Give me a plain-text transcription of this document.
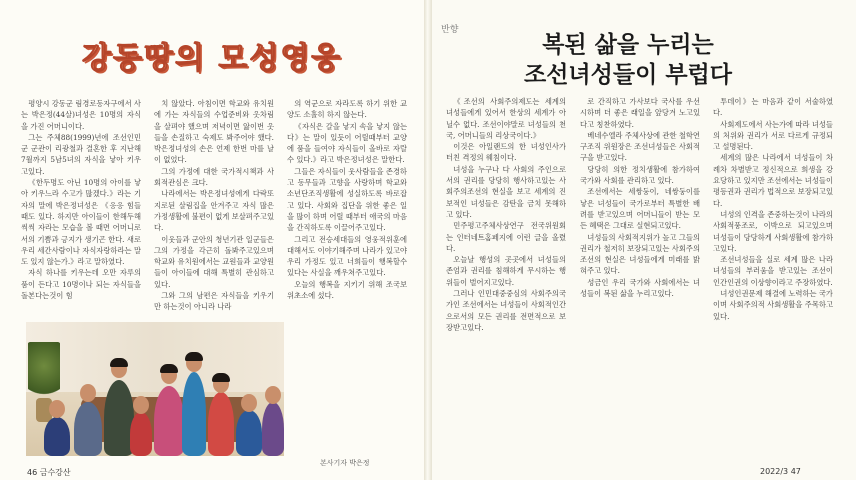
강동땅의 모성영웅

평양시 강동군 림경로동자구에서 사는 박은정(44살)녀성은 10명의 자식을 가진 어머니이다.

그는 주체88(1999)년에 조선인민군 군관이 리광철과 결혼한 후 지난해 7월까지 5남5녀의 자식을 낳아 키우고있다.

《한두명도 아닌 10명의 아이를 낳아 키우느라 수고가 많겠다.》라는 기자의 말에 박은정녀성은 《응응 힘들 때도 있다. 하지만 아이들이 한해두해 씩씩 자라는 모습을 볼 때면 어머니로서의 기쁨과 긍지가 생기곤 한다. 새로우리 세간사람이나 자식자랑하라는 말도 있지 않는가.》라고 말하였다.

자식 하나를 키우는데 오만 자루의 품이 든다고 10명이나 되는 자식들을 돌본다는것이 힘

치 않았다. 아침이면 학교와 유치원에 가는 자식들의 수업준비와 옷차림을 살펴야 했으며 저녁이면 앓이번 옷들을 손질하고 숙제도 봐주어야 했다. 박은정녀성의 손은 언제 한번 마를 날이 없었다.

그의 가정에 대한 국가적시책과 사회적관심은 크다.

나라에서는 박은정녀성에게 다락또지로된 살림집을 안겨주고 자식 많은 가정생활에 불편이 없게 보살펴주고있다.

이웃들과 군안의 청년기관 일군들은 그의 가정을 각근히 돌봐주고있으며 학교와 유치원에서는 교원들과 교양원들이 아이들에 대해 특별히 관심하고있다.

그와 그의 남편은 자식들을 키우기만 하는것이 아니라 나라

의 역군으로 자라도록 하기 위한 교양도 소홀히 하지 않는다.

《자식은 갈을 낳지 속을 낳지 않는다》는 말이 있듯이 어릴때부터 교양에 품을 들여야 자식들이 올바로 자랄수 있다.》라고 박은정녀성은 말한다.

그들은 자식들이 웃사람들을 존경하고 동무들과 고향을 사랑하며 학교와 소년단조직생활에 성실하도록 바로잡고 있다. 사회와 집단을 위한 좋은 일을 많이 하며 어릴 때부터 애국의 마음을 간직하도록 이끌어주고있다.

그리고 전승세대들의 영웅적위훈에 대해서도 이야기해주며 나라가 있고야 우리 가정도 있고 너희들이 행복할수 있다는 사실을 깨우쳐주고있다.

오늘의 행복을 지키기 위해 조국보위초소에 섰다.

본사기자 박은정
46 금수강산
반향
복된 삶을 누리는
조선녀성들이 부럽다

《조선의 사회주의제도는 세계의 녀성들에게 있어서 한상의 세계가 아닐수 없다. 조선이야말로 녀성들의 천국, 어머니들의 리상국이다.》

이것은 아일랜드의 한 녀성인사가 터친 격정의 웨침이다.

녀성을 누구나 다 사회의 주인으로서의 권리를 당당히 행사하고있는 사회주의조선의 현실을 보고 세계의 진보적인 녀성들은 감탄을 금치 못해하고 있다.

민주평고주체사상연구 전국위원회는 인터네트홈페지에 이런 글을 올렸다.

오늘날 행성의 곳곳에서 녀성들의 존엄과 권리를 침해하게 무시하는 행위들이 벌어지고있다.

그러나 인민대중중심의 사회주의국가인 조선에서는 녀성들이 사회적인간으로서의 모든 권리를 전면적으로 보장받고있다.

로 간직하고 가사보다 국사를 우선시하며 더 좋은 래일을 앞당겨 노고있다고 칭찬하였다.

베네수엘라 주체사상에 관한 철학연구조직 위원장은 조선녀성들은 사회적구을 받고있다.

당당히 의한 정치생활에 참가하여 국가와 사회를 관리하고 있다.

조선에서는 세쌍둥이, 네쌍둥이를 낳은 녀성들이 국가로부터 특별한 배려를 받고있으며 어머니들이 받는 모든 혜택은 그대로 실현되고있다.

녀성들의 사회적지위가 높고 그들의 권리가 철저히 보장되고있는 사회주의조선의 현실은 녀성들에게 미래를 밝혀주고 있다.

성금인 우리 국가와 사회에서는 녀성들이 복된 삶을 누리고있다.

투데이》는 마음과 같이 서술하였다.

사회제도에서 사는가에 따라 녀성들의 처위와 권리가 서로 다르게 규정되고 설명된다.

세계의 많은 나라에서 녀성들이 차례차 차별받고 정신적으로 희생을 강요당하고 있지만 조선에서는 녀성들이 평등권과 권리가 법적으로 보장되고있다.

녀성의 인격을 존중하는것이 나라의 사회적풍조로, 이박으로 되고있으며 녀성들이 당당하게 사회생활에 참가하고있다.

조선녀성들을 실로 세계 많은 나라 녀성들의 부러움을 받고있는 조선이 인간인권의 이상향이라고 주장하였다.

녀성인권문제 해결에 노력하는 국가이며 사회주의적 사회생활을 주목하고 있다.

2022/3 47
